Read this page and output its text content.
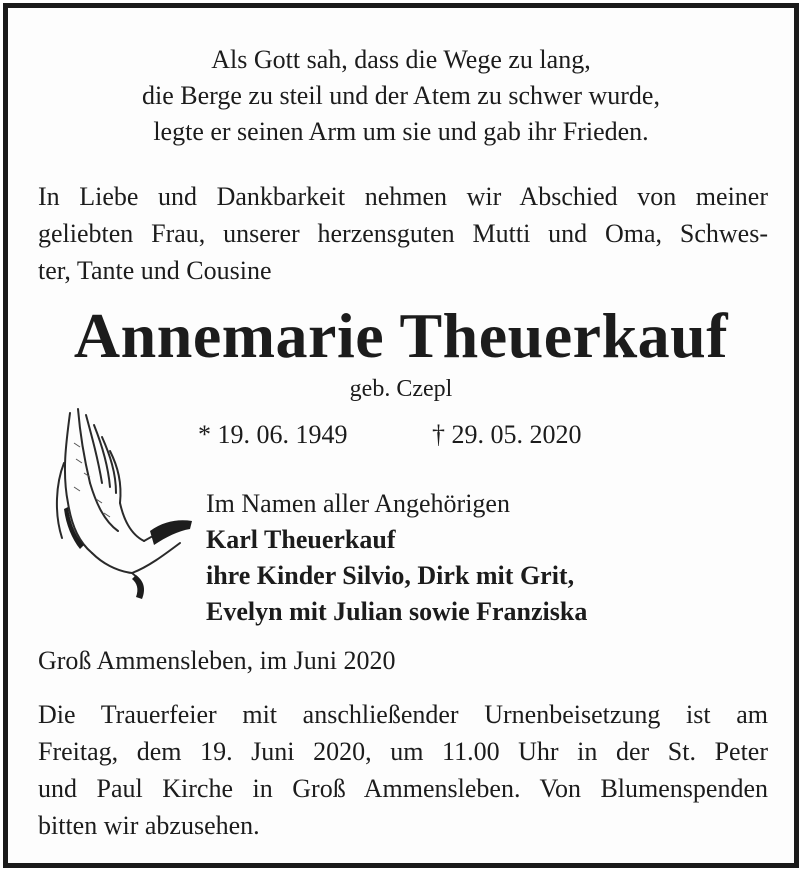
Als Gott sah, dass die Wege zu lang,
die Berge zu steil und der Atem zu schwer wurde,
legte er seinen Arm um sie und gab ihr Frieden.
In Liebe und Dankbarkeit nehmen wir Abschied von meiner
geliebten Frau, unserer herzensguten Mutti und Oma, Schwes-
ter, Tante und Cousine
Annemarie Theuerkauf
geb. Czepl
* 19. 06. 1949	† 29. 05. 2020
Im Namen aller Angehörigen
Karl Theuerkauf
ihre Kinder Silvio, Dirk mit Grit,
Evelyn mit Julian sowie Franziska
Groß Ammensleben, im Juni 2020
Die Trauerfeier mit anschließender Urnenbeisetzung ist am
Freitag, dem 19. Juni 2020, um 11.00 Uhr in der St. Peter
und Paul Kirche in Groß Ammensleben. Von Blumenspenden
bitten wir abzusehen.
